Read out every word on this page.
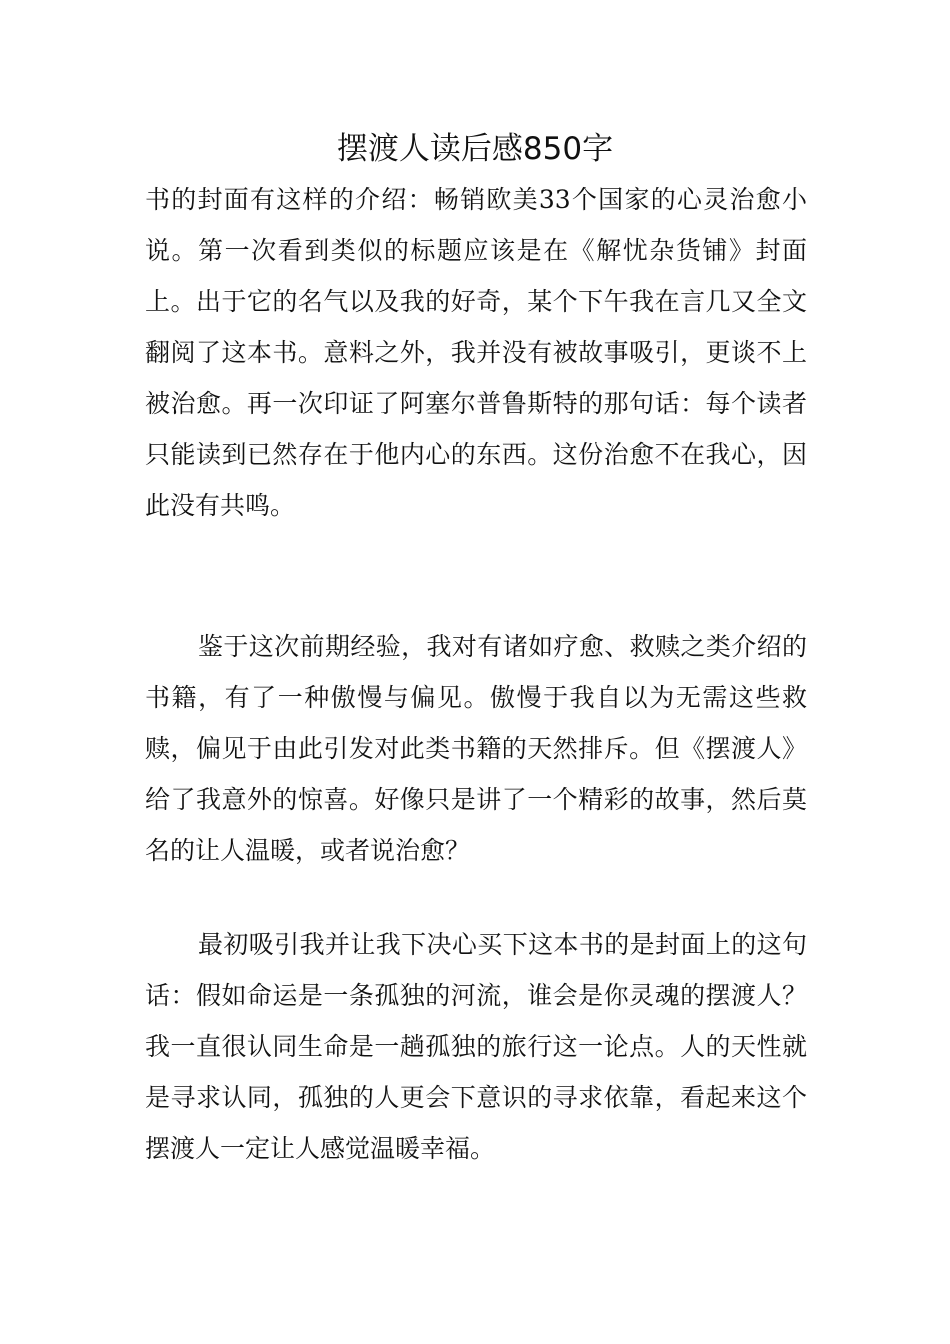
摆渡人读后感850字

书的封面有这样的介绍：畅销欧美33个国家的心灵治愈小说。第一次看到类似的标题应该是在《解忧杂货铺》封面上。出于它的名气以及我的好奇，某个下午我在言几又全文翻阅了这本书。意料之外，我并没有被故事吸引，更谈不上被治愈。再一次印证了阿塞尔普鲁斯特的那句话：每个读者只能读到已然存在于他内心的东西。这份治愈不在我心，因此没有共鸣。

鉴于这次前期经验，我对有诸如疗愈、救赎之类介绍的书籍，有了一种傲慢与偏见。傲慢于我自以为无需这些救赎，偏见于由此引发对此类书籍的天然排斥。但《摆渡人》给了我意外的惊喜。好像只是讲了一个精彩的故事，然后莫名的让人温暖，或者说治愈？

最初吸引我并让我下决心买下这本书的是封面上的这句话：假如命运是一条孤独的河流，谁会是你灵魂的摆渡人？我一直很认同生命是一趟孤独的旅行这一论点。人的天性就是寻求认同，孤独的人更会下意识的寻求依靠，看起来这个摆渡人一定让人感觉温暖幸福。
